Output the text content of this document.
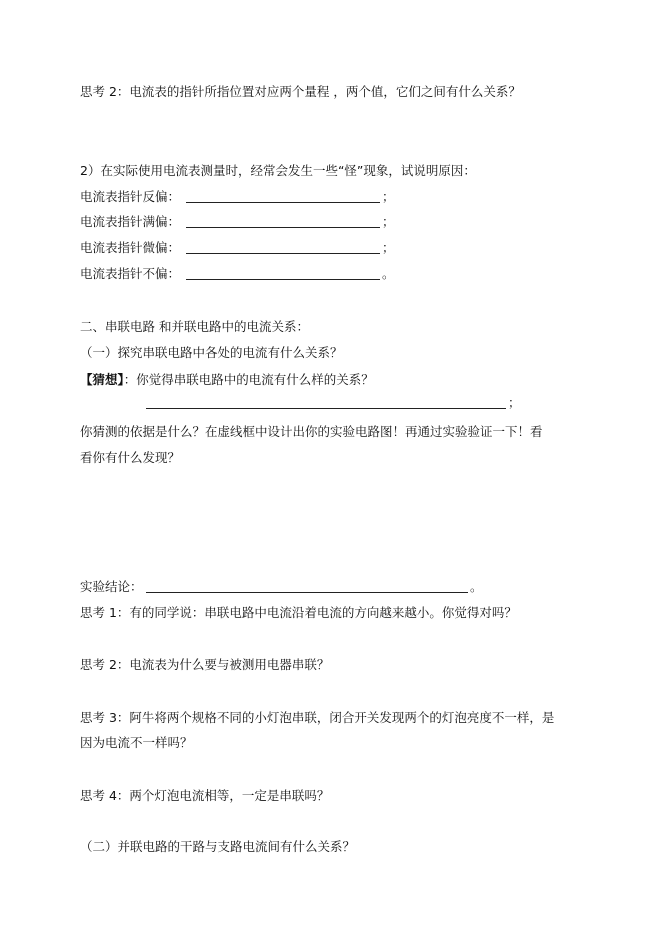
思考 2：电流表的指针所指位置对应两个量程 ，两个值，它们之间有什么关系？
2）在实际使用电流表测量时，经常会发生一些“怪”现象，试说明原因：
电流表指针反偏：	；
电流表指针满偏：	；
电流表指针微偏：	；
电流表指针不偏：	。
二、串联电路 和并联电路中的电流关系：
（一）探究串联电路中各处的电流有什么关系？
【猜想】：你觉得串联电路中的电流有什么样的关系？
；
你猜测的依据是什么？在虚线框中设计出你的实验电路图！再通过实验验证一下！看
看你有什么发现？
实验结论：	。
思考 1：有的同学说：串联电路中电流沿着电流的方向越来越小。你觉得对吗？
思考 2：电流表为什么要与被测用电器串联？
思考 3：阿牛将两个规格不同的小灯泡串联，闭合开关发现两个的灯泡亮度不一样，是
因为电流不一样吗？
思考 4：两个灯泡电流相等，一定是串联吗？
（二）并联电路的干路与支路电流间有什么关系？
